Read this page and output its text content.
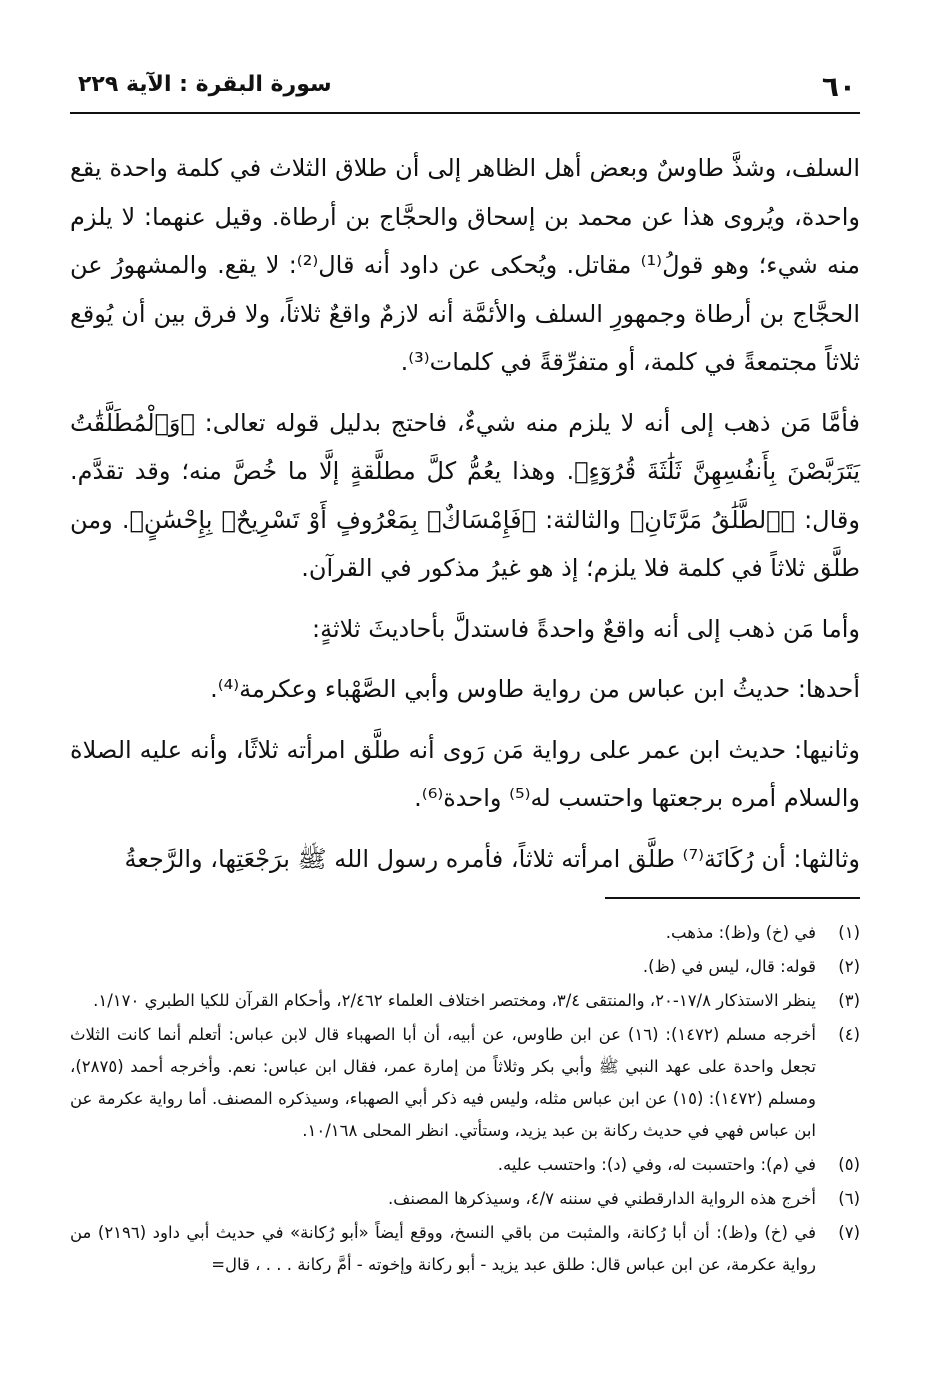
٦٠
سورة البقرة : الآية ٢٢٩

السلف، وشذَّ طاوسٌ وبعض أهل الظاهر إلى أن طلاق الثلاث في كلمة واحدة يقع واحدة، ويُروى هذا عن محمد بن إسحاق والحجَّاج بن أرطاة. وقيل عنهما: لا يلزم منه شيء؛ وهو قولُ⁽¹⁾ مقاتل. ويُحكى عن داود أنه قال⁽²⁾: لا يقع. والمشهورُ عن الحجَّاج بن أرطاة وجمهورِ السلف والأئمَّة أنه لازمٌ واقعٌ ثلاثاً، ولا فرق بين أن يُوقع ثلاثاً مجتمعةً في كلمة، أو متفرِّقةً في كلمات⁽³⁾.

فأمَّا مَن ذهب إلى أنه لا يلزم منه شيءٌ، فاحتج بدليل قوله تعالى: ﴿وَٱلْمُطَلَّقَٰتُ يَتَرَبَّصْنَ بِأَنفُسِهِنَّ ثَلَٰثَةَ قُرُوٓءٍ﴾. وهذا يعُمُّ كلَّ مطلَّقةٍ إلَّا ما خُصَّ منه؛ وقد تقدَّم. وقال: ﴿ٱلطَّلَٰقُ مَرَّتَانِ﴾ والثالثة: ﴿فَإِمْسَاكٌۢ بِمَعْرُوفٍ أَوْ تَسْرِيحٌۢ بِإِحْسَٰنٍ﴾. ومن طلَّق ثلاثاً في كلمة فلا يلزم؛ إذ هو غيرُ مذكور في القرآن.

وأما مَن ذهب إلى أنه واقعٌ واحدةً فاستدلَّ بأحاديثَ ثلاثةٍ:

أحدها: حديثُ ابن عباس من رواية طاوس وأبي الصَّهْباء وعكرمة⁽⁴⁾.

وثانيها: حديث ابن عمر على رواية مَن رَوى أنه طلَّق امرأته ثلاثًا، وأنه عليه الصلاة والسلام أمره برجعتها واحتسب له⁽⁵⁾ واحدة⁽⁶⁾.

وثالثها: أن رُكَانَة⁽⁷⁾ طلَّق امرأته ثلاثاً، فأمره رسول الله ﷺ برَجْعَتِها، والرَّجعةُ

(١)
في (خ) و(ظ): مذهب.
(٢)
قوله: قال، ليس في (ظ).
(٣)
ينظر الاستذكار ١٧/٨-٢٠، والمنتقى ٣/٤، ومختصر اختلاف العلماء ٢/٤٦٢، وأحكام القرآن للكيا الطبري ١/١٧٠.
(٤)
أخرجه مسلم (١٤٧٢): (١٦) عن ابن طاوس، عن أبيه، أن أبا الصهباء قال لابن عباس: أتعلم أنما كانت الثلاث تجعل واحدة على عهد النبي ﷺ وأبي بكر وثلاثاً من إمارة عمر، فقال ابن عباس: نعم. وأخرجه أحمد (٢٨٧٥)، ومسلم (١٤٧٢): (١٥) عن ابن عباس مثله، وليس فيه ذكر أبي الصهباء، وسيذكره المصنف. أما رواية عكرمة عن ابن عباس فهي في حديث ركانة بن عبد يزيد، وستأتي. انظر المحلى ١٠/١٦٨.
(٥)
في (م): واحتسبت له، وفي (د): واحتسب عليه.
(٦)
أخرج هذه الرواية الدارقطني في سننه ٤/٧، وسيذكرها المصنف.
(٧)
في (خ) و(ظ): أن أبا رُكانة، والمثبت من باقي النسخ، ووقع أيضاً «أبو رُكانة» في حديث أبي داود (٢١٩٦) من رواية عكرمة، عن ابن عباس قال: طلق عبد يزيد - أبو ركانة وإخوته - أمَّ ركانة . . . ، قال=
